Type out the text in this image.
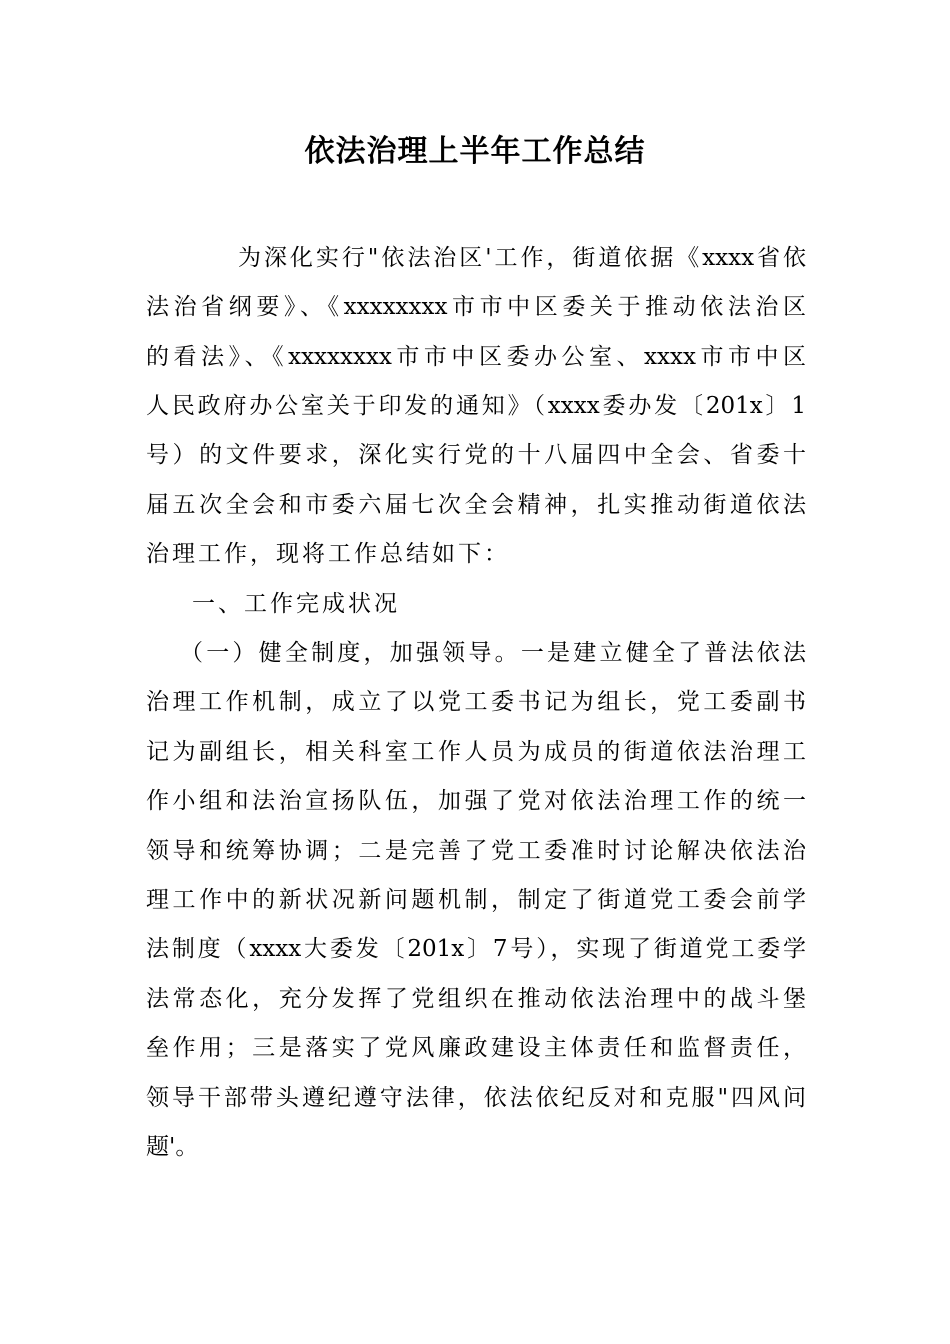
依法治理上半年工作总结
为深化实行"依法治区'工作，街道依据《xxxx省依
法治省纲要》、《xxxxxxxx市市中区委关于推动依法治区
的看法》、《xxxxxxxx市市中区委办公室、xxxx市市中区
人民政府办公室关于印发的通知》（xxxx委办发〔201x〕1
号）的文件要求，深化实行党的十八届四中全会、省委十
届五次全会和市委六届七次全会精神，扎实推动街道依法
治理工作，现将工作总结如下：
一、工作完成状况
（一）健全制度，加强领导。一是建立健全了普法依法
治理工作机制，成立了以党工委书记为组长，党工委副书
记为副组长，相关科室工作人员为成员的街道依法治理工
作小组和法治宣扬队伍，加强了党对依法治理工作的统一
领导和统筹协调；二是完善了党工委准时讨论解决依法治
理工作中的新状况新问题机制，制定了街道党工委会前学
法制度（xxxx大委发〔201x〕7号），实现了街道党工委学
法常态化，充分发挥了党组织在推动依法治理中的战斗堡
垒作用；三是落实了党风廉政建设主体责任和监督责任，
领导干部带头遵纪遵守法律，依法依纪反对和克服"四风问
题'。
